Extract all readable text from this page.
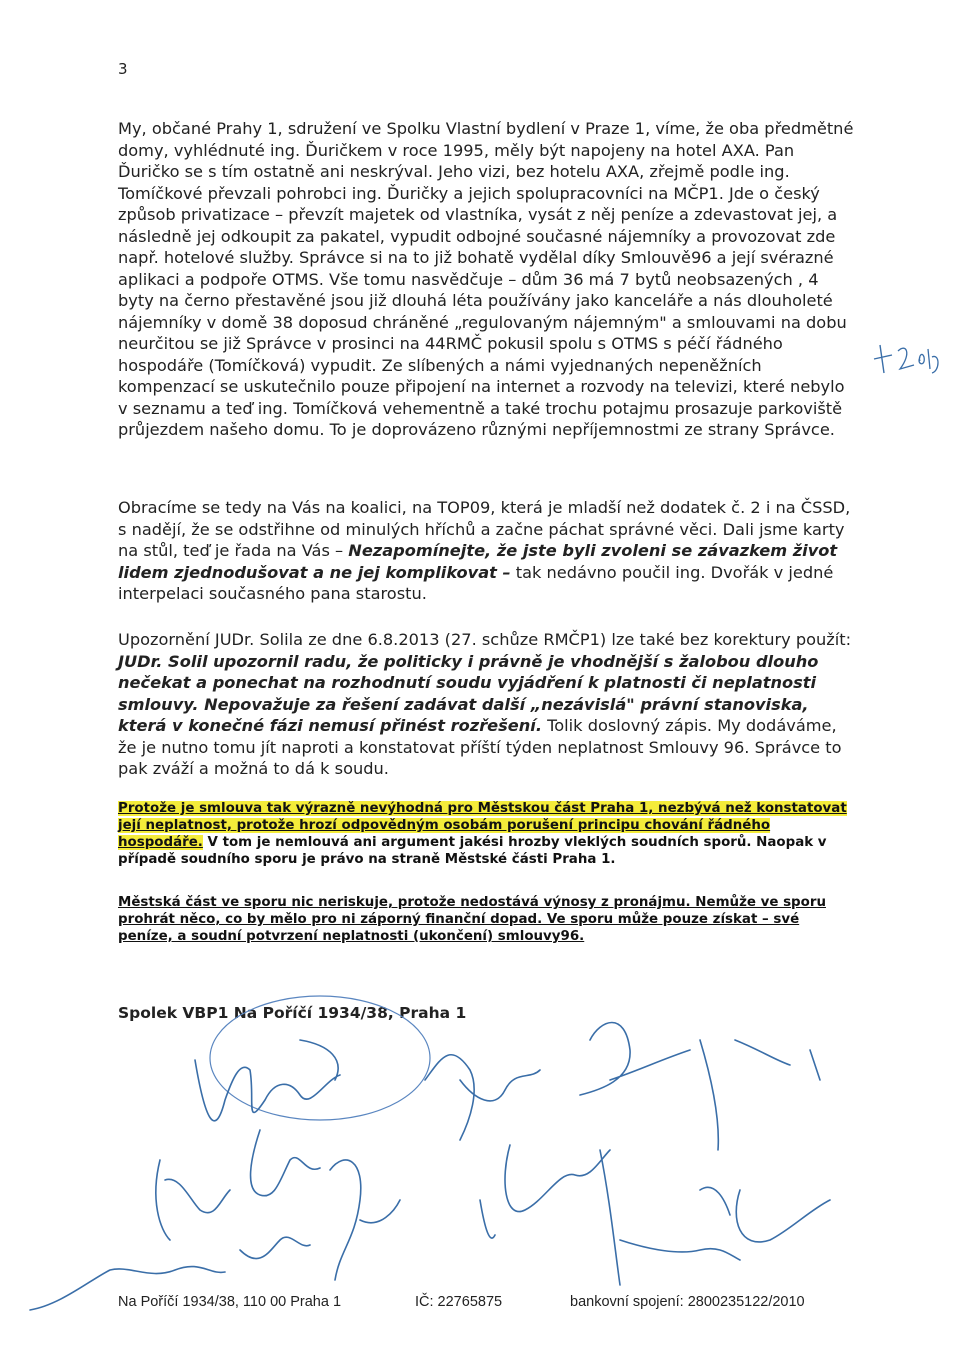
3
My, občané Prahy 1, sdružení ve Spolku Vlastní bydlení v Praze 1, víme, že oba předmětné domy, vyhlédnuté ing. Ďuričkem v roce 1995, měly být napojeny na hotel AXA. Pan Ďuričko se s tím ostatně ani neskrýval. Jeho vizi, bez hotelu AXA, zřejmě podle ing. Tomíčkové převzali pohrobci ing. Ďuričky a jejich spolupracovníci na MČP1. Jde o český způsob privatizace – převzít majetek od vlastníka, vysát z něj peníze a zdevastovat jej, a následně jej odkoupit za pakatel, vypudit odbojné současné nájemníky a provozovat zde např. hotelové služby. Správce si na to již bohatě vydělal díky Smlouvě96 a její svérazné aplikaci a podpoře OTMS. Vše tomu nasvědčuje – dům 36 má 7 bytů neobsazených , 4 byty na černo přestavěné jsou již dlouhá léta používány jako kanceláře a nás dlouholeté nájemníky v domě 38 doposud chráněné „regulovaným nájemným" a smlouvami na dobu neurčitou se již Správce v prosinci na 44RMČ pokusil spolu s OTMS s péčí řádného hospodáře (Tomíčková) vypudit. Ze slíbených a námi vyjednaných nepeněžních kompenzací se uskutečnilo pouze připojení na internet a rozvody na televizi, které nebylo v seznamu a teď ing. Tomíčková vehementně a také trochu potajmu prosazuje parkoviště průjezdem našeho domu. To je doprovázeno různými nepříjemnostmi ze strany Správce.
Obracíme se tedy na Vás na koalici, na TOP09, která je mladší než dodatek č. 2 i na ČSSD, s nadějí, že se odstřihne od minulých hříchů a začne páchat správné věci. Dali jsme karty na stůl, teď je řada na Vás – Nezapomínejte, že jste byli zvoleni se závazkem život lidem zjednodušovat a ne jej komplikovat – tak nedávno poučil ing. Dvořák v jedné interpelaci současného pana starostu.
Upozornění JUDr. Solila ze dne 6.8.2013 (27. schůze RMČP1) lze také bez korektury použít: JUDr. Solil upozornil radu, že politicky i právně je vhodnější s žalobou dlouho nečekat a ponechat na rozhodnutí soudu vyjádření k platnosti či neplatnosti smlouvy. Nepovažuje za řešení zadávat další „nezávislá" právní stanoviska, která v konečné fázi nemusí přinést rozřešení. Tolik doslovný zápis. My dodáváme, že je nutno tomu jít naproti a konstatovat příští týden neplatnost Smlouvy 96. Správce to pak zváží a možná to dá k soudu.
Protože je smlouva tak výrazně nevýhodná pro Městskou část Praha 1, nezbývá než konstatovat její neplatnost, protože hrozí odpovědným osobám porušení principu chování řádného hospodáře. V tom je nemlouvá ani argument jakési hrozby vleklých soudních sporů. Naopak v případě soudního sporu je právo na straně Městské části Praha 1.
Městská část ve sporu nic neriskuje, protože nedostává výnosy z pronájmu. Nemůže ve sporu prohrát něco, co by mělo pro ni záporný finanční dopad. Ve sporu může pouze získat – své peníze, a soudní potvrzení neplatnosti (ukončení) smlouvy96.
Spolek VBP1 Na Poříčí 1934/38, Praha 1
Na Poříčí 1934/38, 110 00 Praha 1	IČ: 22765875	bankovní spojení: 2800235122/2010
